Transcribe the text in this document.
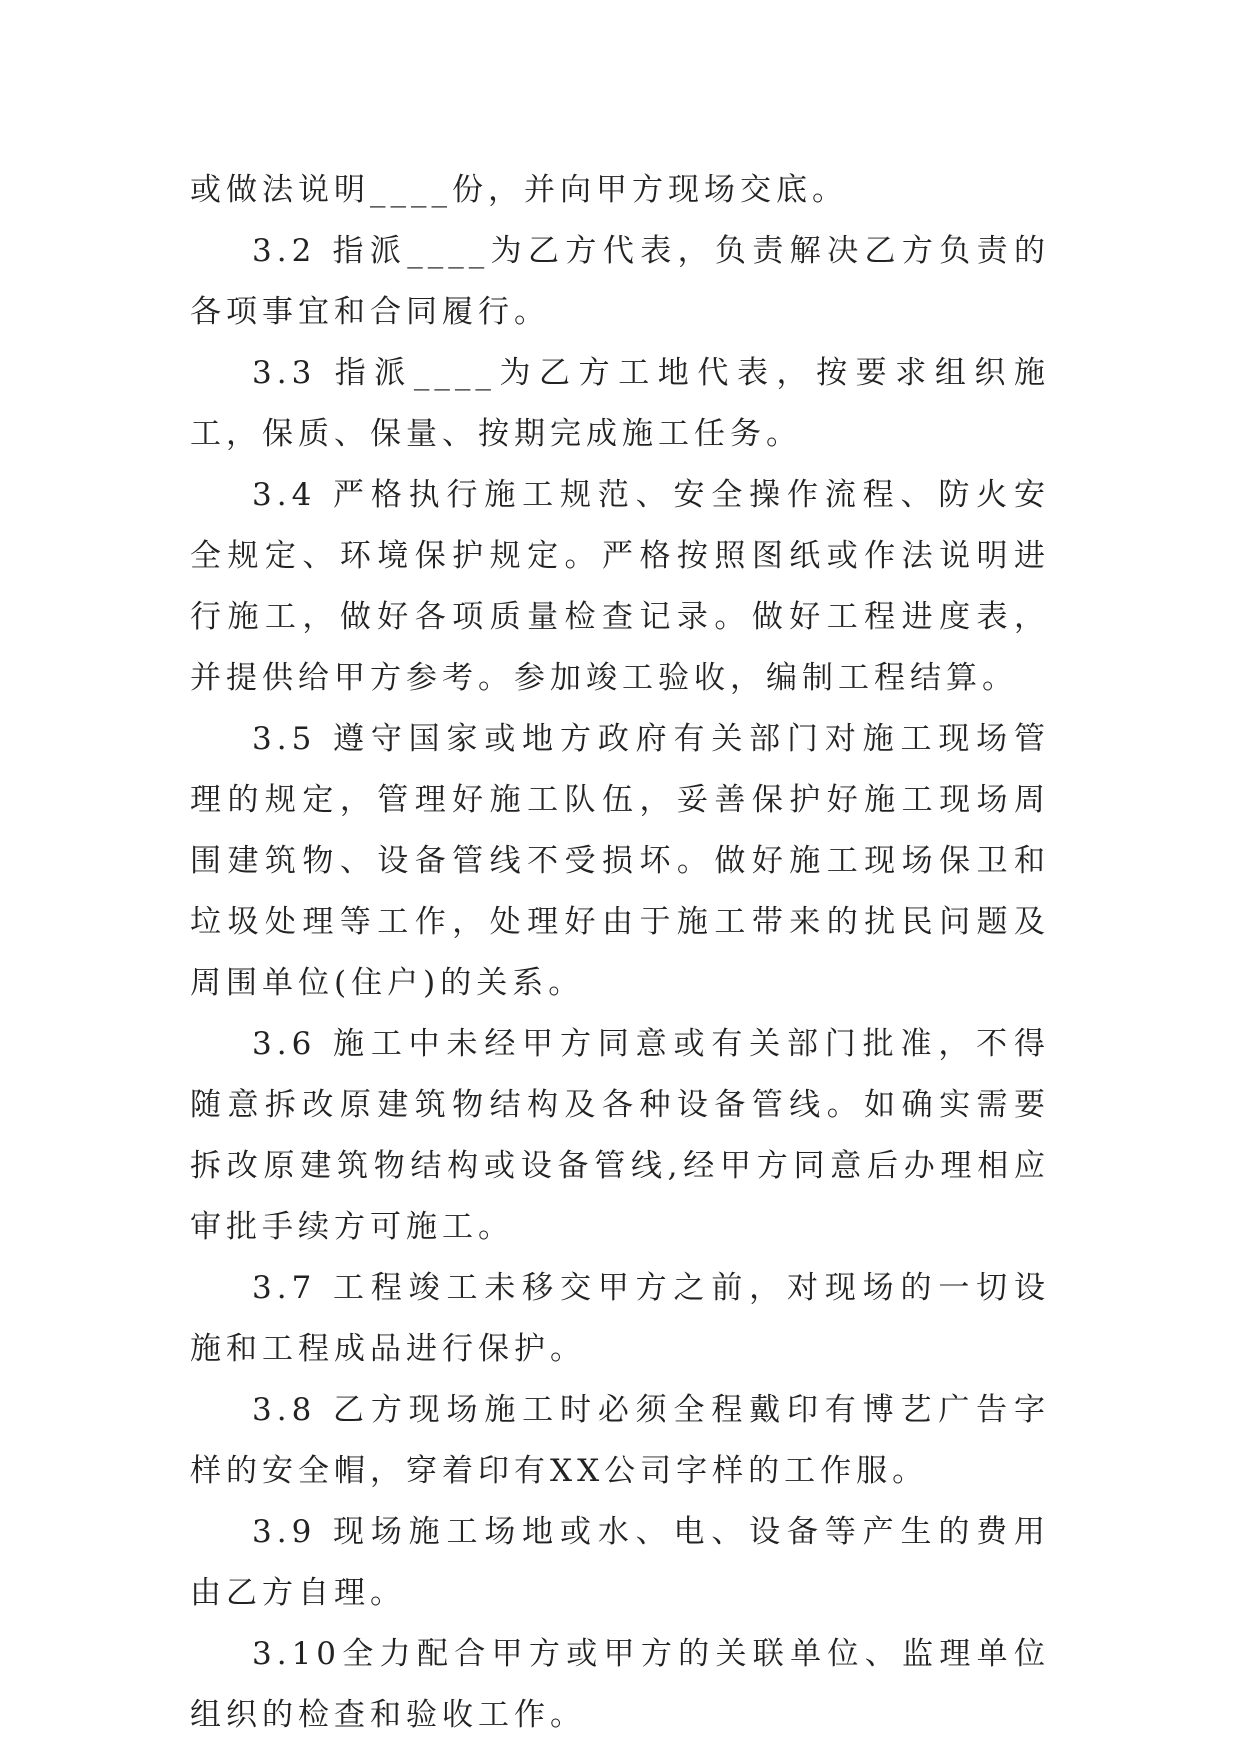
或做法说明____份，并向甲方现场交底。

3.2 指派____为乙方代表，负责解决乙方负责的各项事宜和合同履行。

3.3 指派____为乙方工地代表，按要求组织施工，保质、保量、按期完成施工任务。

3.4 严格执行施工规范、安全操作流程、防火安全规定、环境保护规定。严格按照图纸或作法说明进行施工，做好各项质量检查记录。做好工程进度表，并提供给甲方参考。参加竣工验收，编制工程结算。

3.5 遵守国家或地方政府有关部门对施工现场管理的规定，管理好施工队伍，妥善保护好施工现场周围建筑物、设备管线不受损坏。做好施工现场保卫和垃圾处理等工作，处理好由于施工带来的扰民问题及周围单位(住户)的关系。

3.6 施工中未经甲方同意或有关部门批准，不得随意拆改原建筑物结构及各种设备管线。如确实需要拆改原建筑物结构或设备管线,经甲方同意后办理相应审批手续方可施工。

3.7 工程竣工未移交甲方之前，对现场的一切设施和工程成品进行保护。

3.8 乙方现场施工时必须全程戴印有博艺广告字样的安全帽，穿着印有XX公司字样的工作服。

3.9 现场施工场地或水、电、设备等产生的费用由乙方自理。

3.10全力配合甲方或甲方的关联单位、监理单位组织的检查和验收工作。
